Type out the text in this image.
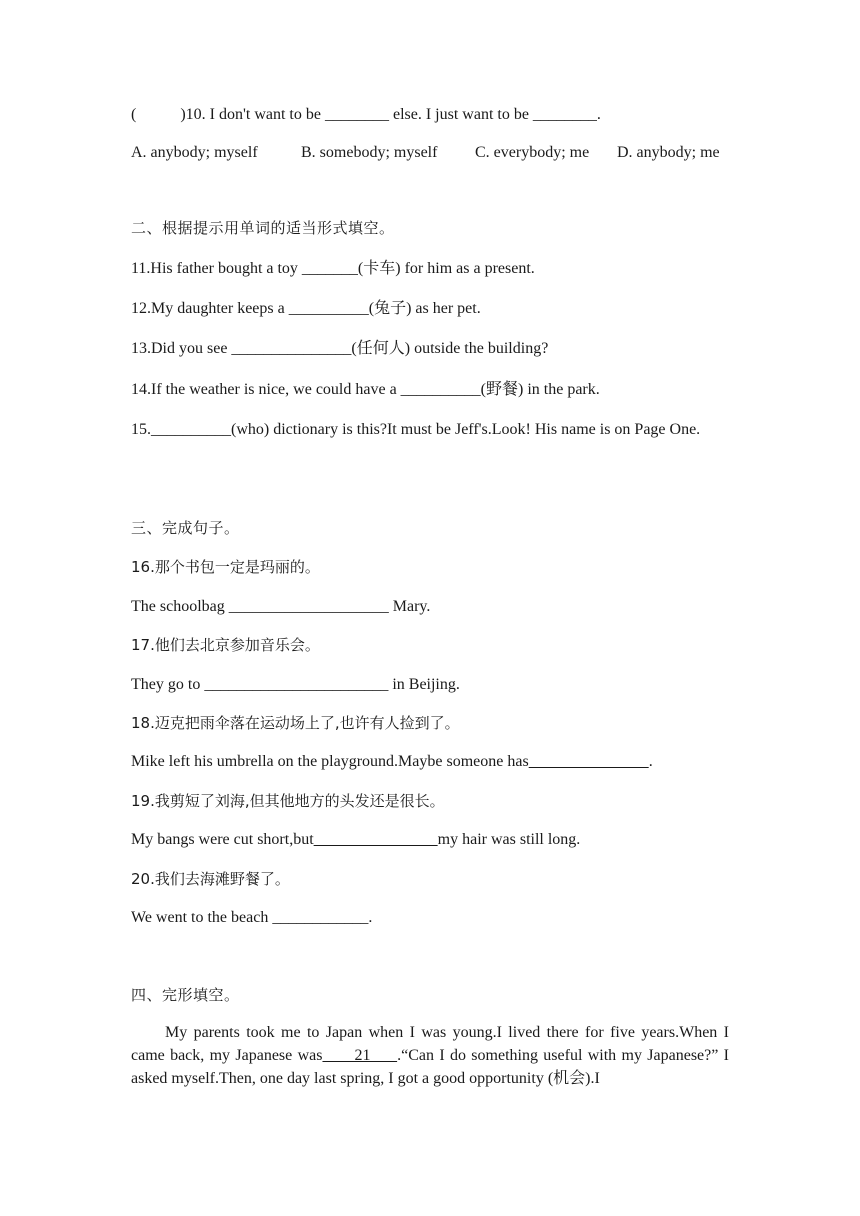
(           )10. I don't want to be ________ else. I just want to be ________.
A. anybody; myself	B. somebody; myself C. everybody; me D. anybody; me
二、根据提示用单词的适当形式填空。
11.His father bought a toy _______(卡车) for him as a present.
12.My daughter keeps a __________(兔子) as her pet.
13.Did you see _______________(任何人) outside the building?
14.If the weather is nice, we could have a __________(野餐) in the park.
15.__________(who) dictionary is this?It must be Jeff's.Look! His name is on Page One.
三、完成句子。
16.那个书包一定是玛丽的。
The schoolbag ____________________ Mary.
17.他们去北京参加音乐会。
They go to _______________________ in Beijing.
18.迈克把雨伞落在运动场上了,也许有人捡到了。
Mike left his umbrella on the playground.Maybe someone has	.
19.我剪短了刘海,但其他地方的头发还是很长。
My bangs were cut short,but	my hair was still long.
20.我们去海滩野餐了。
We went to the beach ____________.
四、完形填空。
My parents took me to Japan when I was young.I lived there for five years.When I came back, my Japanese was      21     .“Can I do something useful with my Japanese?” I asked myself.Then, one day last spring, I got a good opportunity (机会).I
